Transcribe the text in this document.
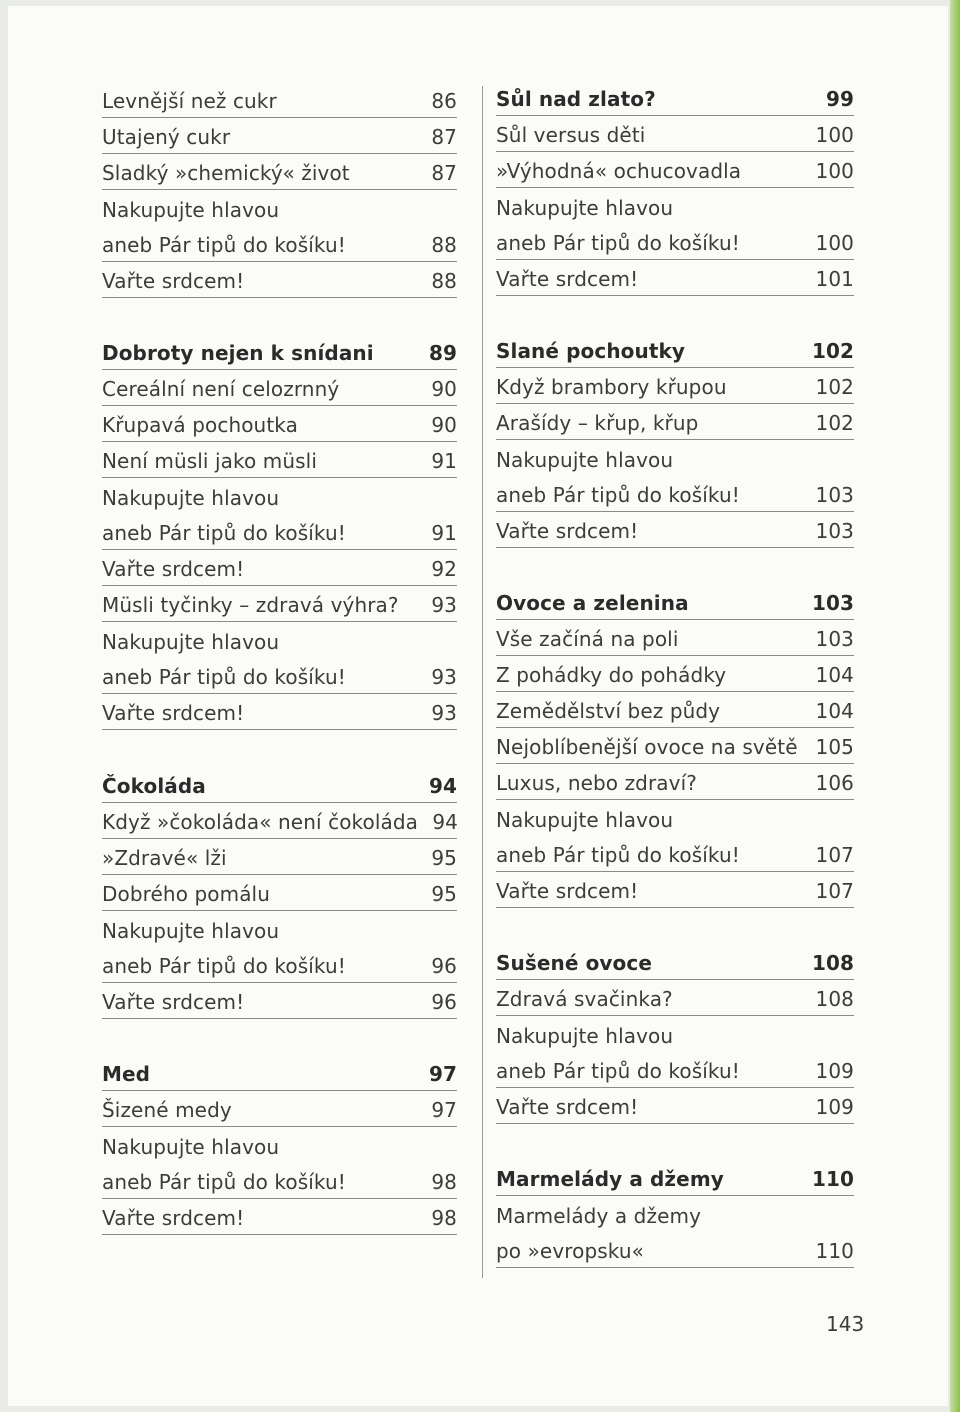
Levnější než cukr	86
Utajený cukr	87
Sladký »chemický« život	87
Nakupujte hlavou
aneb Pár tipů do košíku!	88
Vařte srdcem!	88
Dobroty nejen k snídani	89
Cereální není celozrnný	90
Křupavá pochoutka	90
Není müsli jako müsli	91
Nakupujte hlavou
aneb Pár tipů do košíku!	91
Vařte srdcem!	92
Müsli tyčinky – zdravá výhra?	93
Nakupujte hlavou
aneb Pár tipů do košíku!	93
Vařte srdcem!	93
Čokoláda	94
Když »čokoláda« není čokoláda 94
»Zdravé« lži	95
Dobrého pomálu	95
Nakupujte hlavou
aneb Pár tipů do košíku!	96
Vařte srdcem!	96
Med	97
Šizené medy	97
Nakupujte hlavou
aneb Pár tipů do košíku!	98
Vařte srdcem!	98
Sůl nad zlato?	99
Sůl versus děti	100
»Výhodná« ochucovadla	100
Nakupujte hlavou
aneb Pár tipů do košíku!	100
Vařte srdcem!	101
Slané pochoutky	102
Když brambory křupou	102
Arašídy – křup, křup	102
Nakupujte hlavou
aneb Pár tipů do košíku!	103
Vařte srdcem!	103
Ovoce a zelenina	103
Vše začíná na poli	103
Z pohádky do pohádky	104
Zemědělství bez půdy	104
Nejoblíbenější ovoce na světě 105
Luxus, nebo zdraví?	106
Nakupujte hlavou
aneb Pár tipů do košíku!	107
Vařte srdcem!	107
Sušené ovoce	108
Zdravá svačinka?	108
Nakupujte hlavou
aneb Pár tipů do košíku!	109
Vařte srdcem!	109
Marmelády a džemy	110
Marmelády a džemy
po »evropsku«	110
143
